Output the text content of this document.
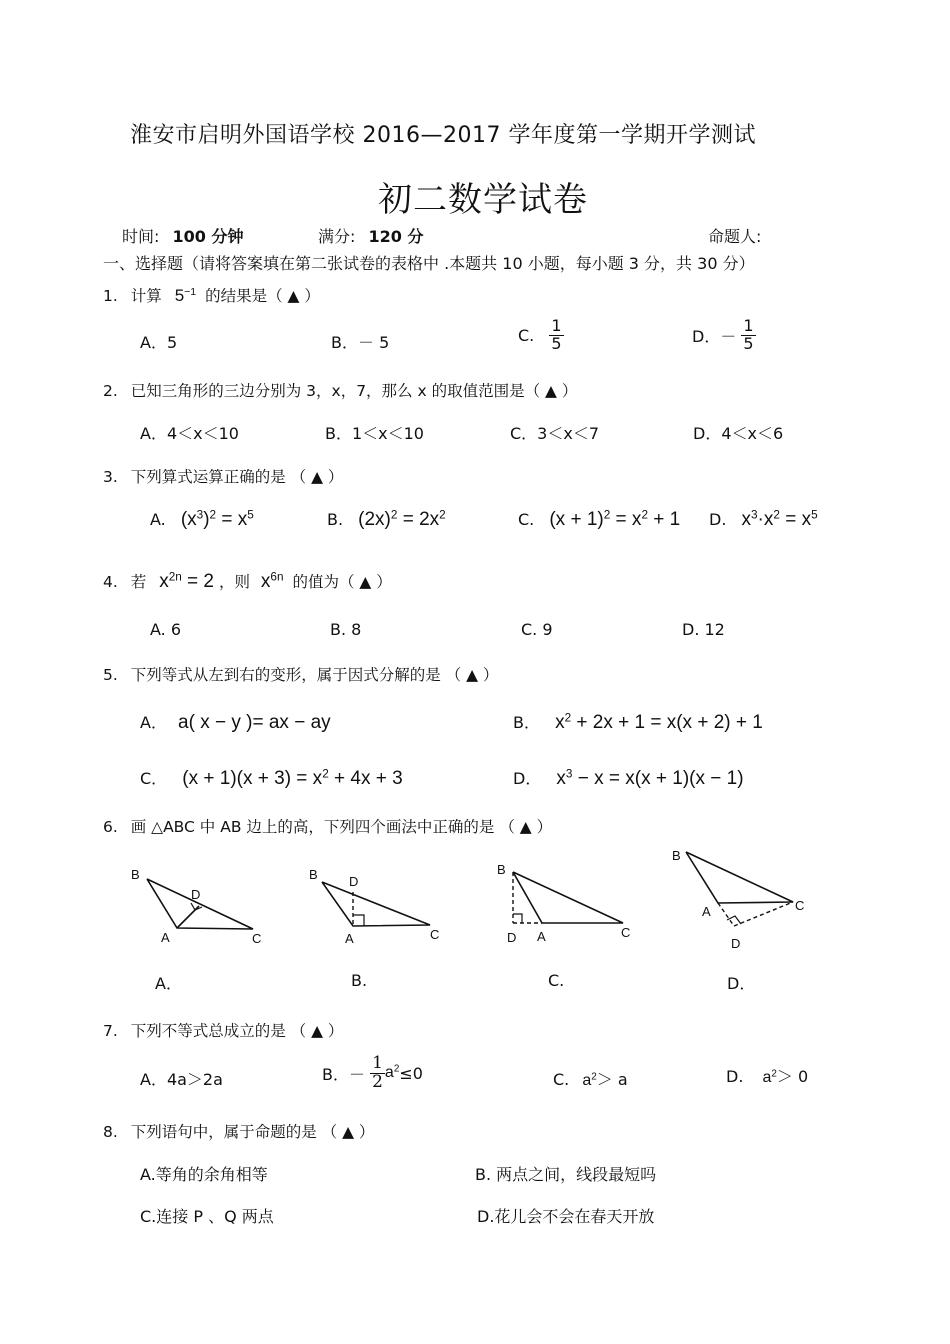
淮安市启明外国语学校 2016—2017 学年度第一学期开学测试
初二数学试卷
时间: 100 分钟	满分: 120 分	命题人:
一、选择题（请将答案填在第二张试卷的表格中 .本题共 10 小题，每小题 3 分，共 30 分）
1. 计算 $5^{-1}$ 的结果是（ ▲ ）
A．5	B．－ 5	C. $\frac{1}{5}$	D．－ $\frac{1}{5}$
2. 已知三角形的三边分别为 3，x，7，那么 x 的取值范围是（ ▲ ）
A．4＜x＜10	B．1＜x＜10	C．3＜x＜7	D．4＜x＜6
3. 下列算式运算正确的是 （ ▲ ）
A. $(x^3)^2 = x^5$	B. $(2x)^2 = 2x^2$	C. $(x + 1)^2 = x^2 + 1$ D. $x^3\cdot x^2 = x^5$
4. 若 $x^{2n} = 2$ ，则 $x^{6n}$ 的值为（ ▲ ）
A. 6	B. 8	C. 9	D. 12
5. 下列等式从左到右的变形，属于因式分解的是 （ ▲ ）
A． a( x − y )= ax − ay	B． $x^2 + 2x + 1 = x(x + 2) + 1$
C． $(x + 1)(x + 3) = x^2 + 4x + 3$	D． $x^3 - x = x(x + 1)(x - 1)$
6. 画 △ABC 中 AB 边上的高，下列四个画法中正确的是 （ ▲ ）
B
D
A	C
B D
A	C
B
D A	C
B
A	C
D
A．	B.	C.	D．
7. 下列不等式总成立的是 （ ▲ ）
A．4a＞2a	B．－ $\frac{1}{2} a^2\le 0$	C. $a^2> a$	D. $a^2> 0$
8. 下列语句中，属于命题的是 （ ▲ ）
A.等角的余角相等	B. 两点之间，线段最短吗
C.连接 P 、Q 两点	D.花儿会不会在春天开放
